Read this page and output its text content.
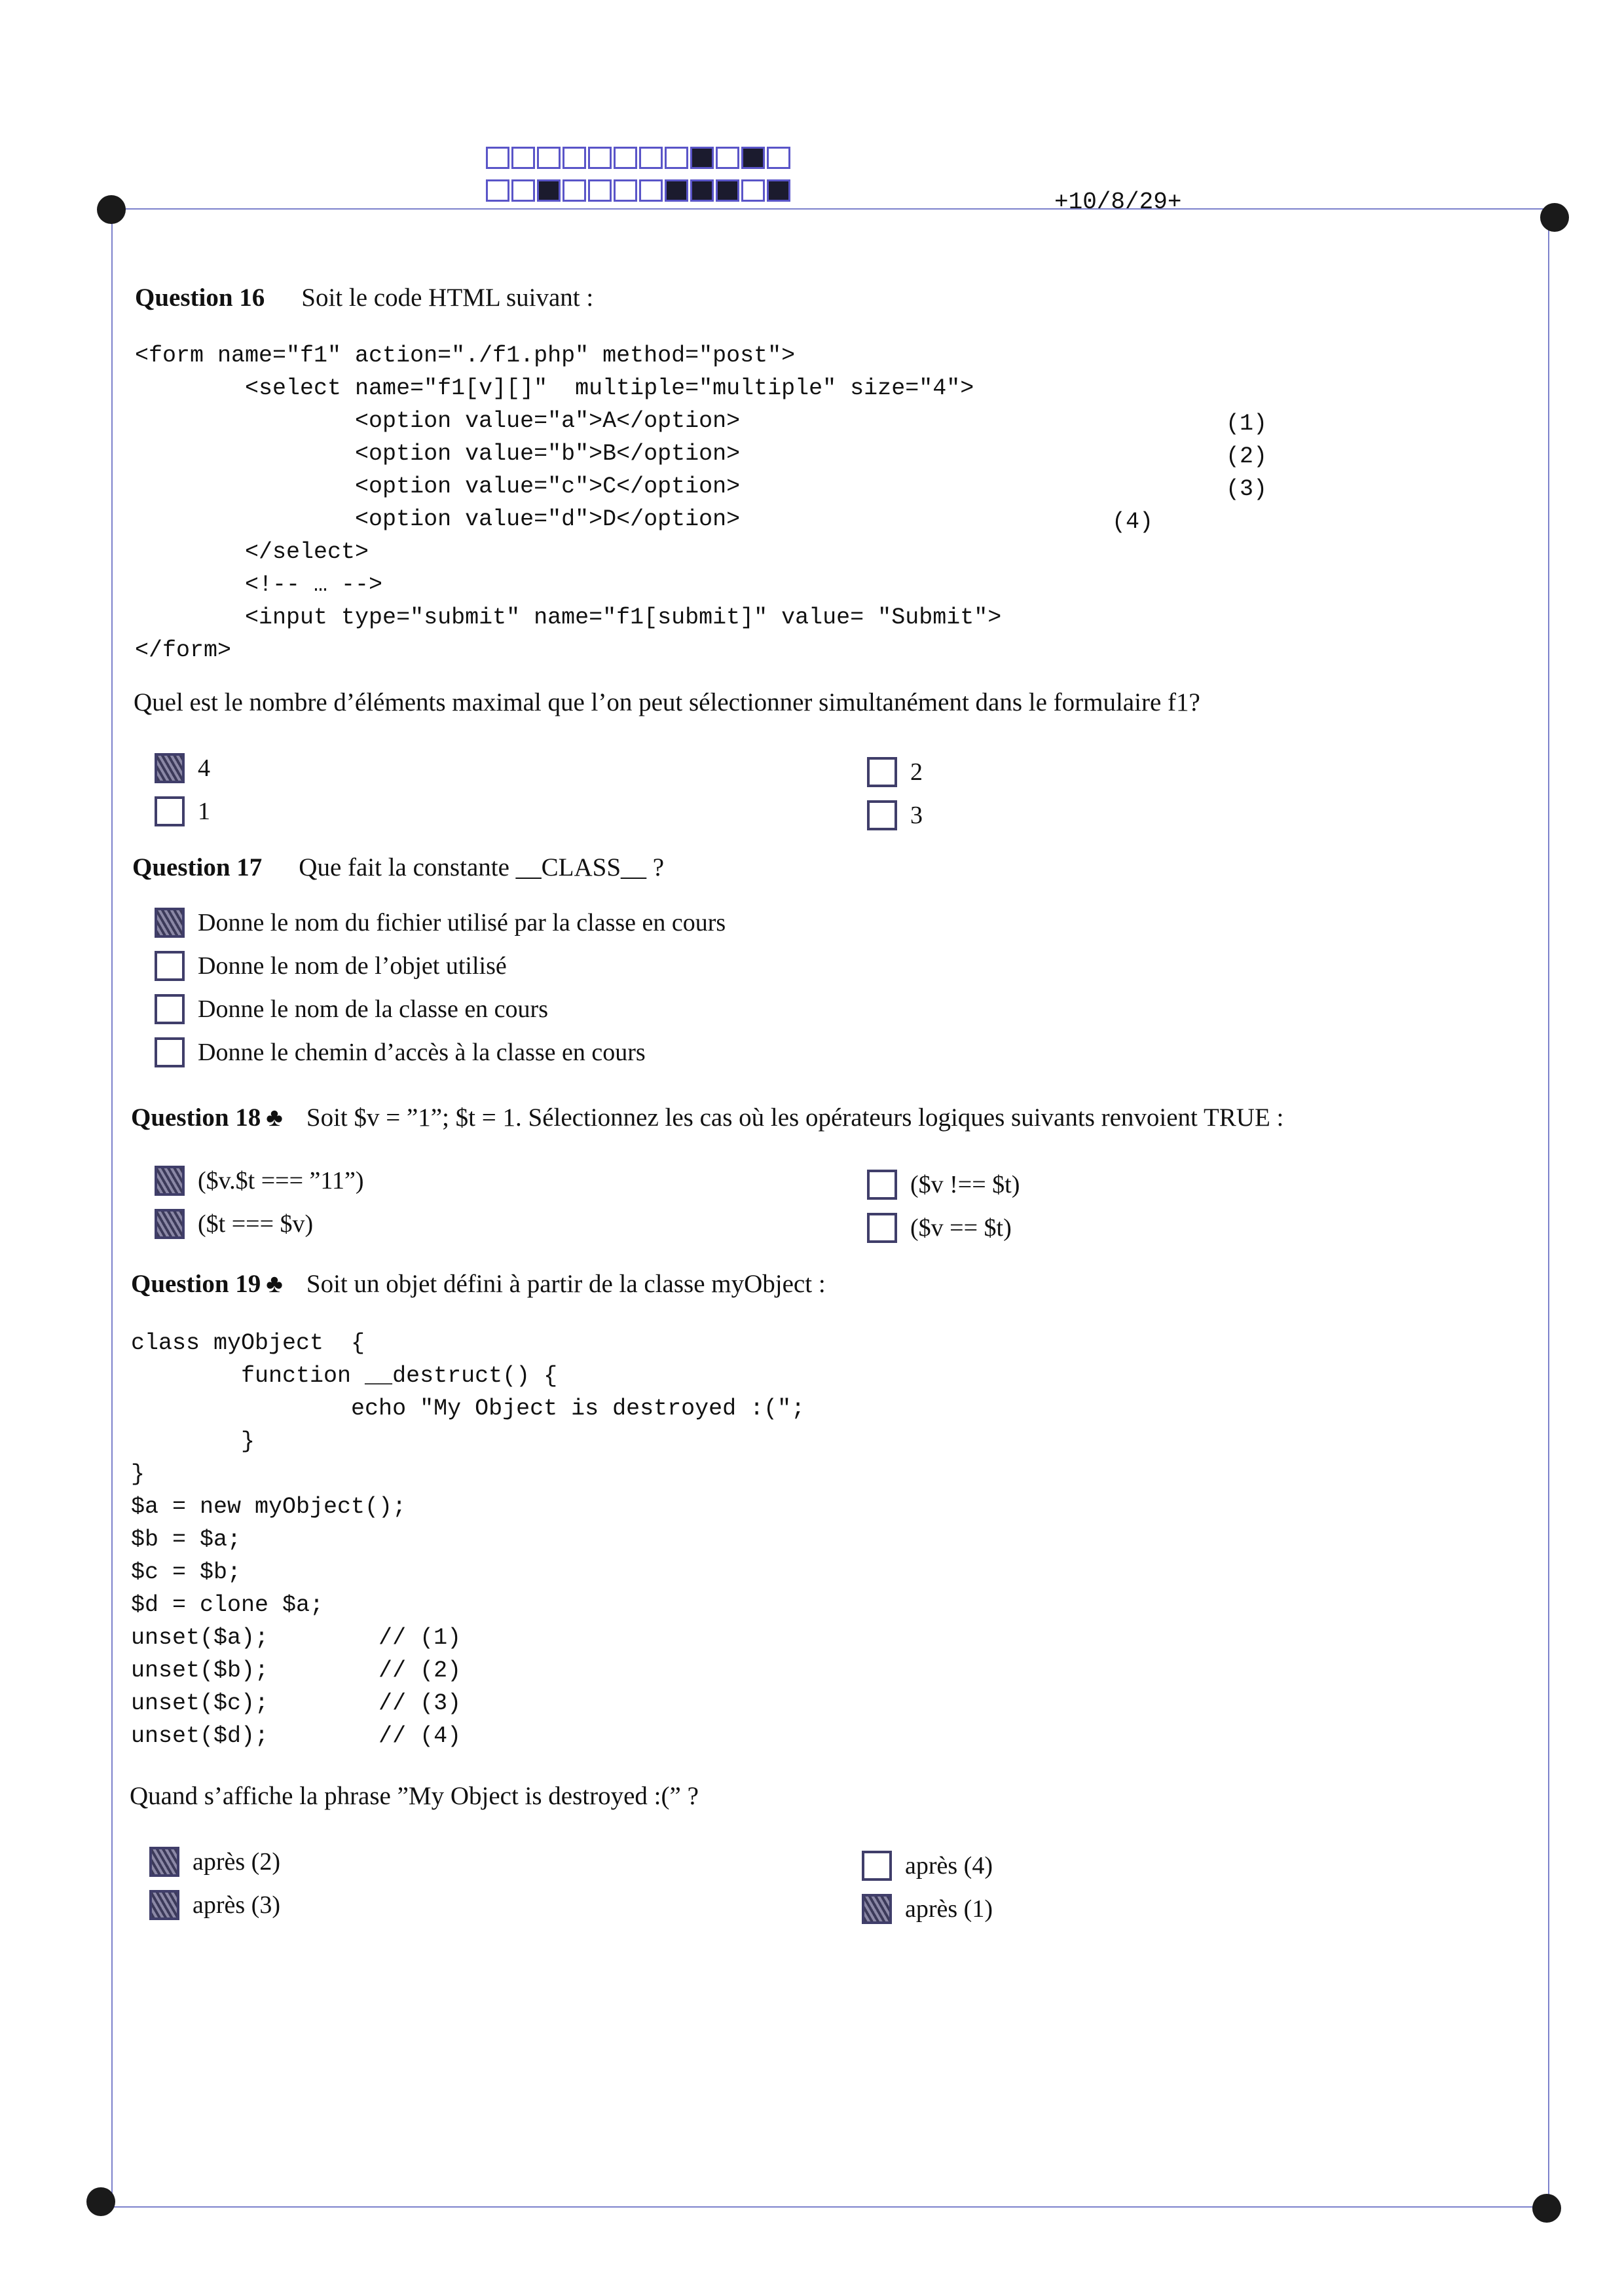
+10/8/29+
Question 16 Soit le code HTML suivant :
<form name="f1" action="./f1.php" method="post">
<select name="f1[v][]"  multiple="multiple" size="4">
<option value="a">A</option>
<option value="b">B</option>
<option value="c">C</option>
<option value="d">D</option>
</select>
<!-- … -->
<input type="submit" name="f1[submit]" value= "Submit">
</form>
(1)
(2)
(3)
(4)
Quel est le nombre d’éléments maximal que l’on peut sélectionner simultanément dans le formulaire f1?
4
1
2
3
Question 17 Que fait la constante __CLASS__ ?
Donne le nom du fichier utilisé par la classe en cours
Donne le nom de l’objet utilisé
Donne le nom de la classe en cours
Donne le chemin d’accès à la classe en cours
Question 18 ♣ Soit $v = ”1”; $t = 1. Sélectionnez les cas où les opérateurs logiques suivants renvoient TRUE :
($v.$t === ”11”)
($t === $v)
($v !== $t)
($v == $t)
Question 19 ♣ Soit un objet défini à partir de la classe myObject :
class myObject  {
function __destruct() {
echo "My Object is destroyed :(";
}
}
$a = new myObject();
$b = $a;
$c = $b;
$d = clone $a;
unset($a);        // (1)
unset($b);        // (2)
unset($c);        // (3)
unset($d);        // (4)
Quand s’affiche la phrase ”My Object is destroyed :(” ?
après (2)
après (3)
après (4)
après (1)
